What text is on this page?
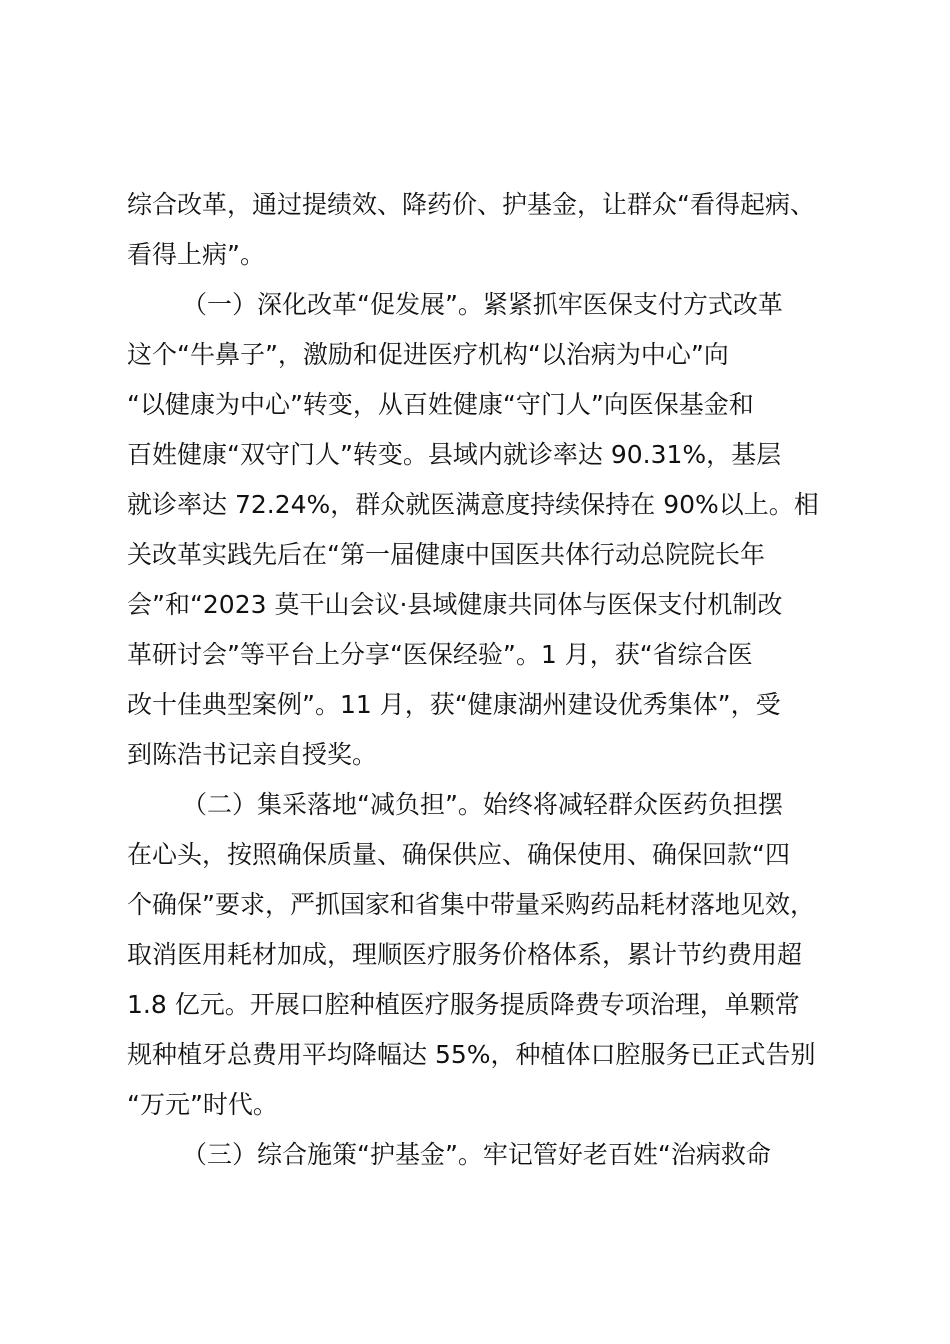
综合改革，通过提绩效、降药价、护基金，让群众“看得起病、
看得上病”。
（一）深化改革“促发展”。紧紧抓牢医保支付方式改革
这个“牛鼻子”，激励和促进医疗机构“以治病为中心”向
“以健康为中心”转变，从百姓健康“守门人”向医保基金和
百姓健康“双守门人”转变。县域内就诊率达 90.31%，基层
就诊率达 72.24%，群众就医满意度持续保持在 90%以上。相
关改革实践先后在“第一届健康中国医共体行动总院院长年
会”和“2023 莫干山会议·县域健康共同体与医保支付机制改
革研讨会”等平台上分享“医保经验”。1 月，获“省综合医
改十佳典型案例”。11 月，获“健康湖州建设优秀集体”，受
到陈浩书记亲自授奖。
（二）集采落地“减负担”。始终将减轻群众医药负担摆
在心头，按照确保质量、确保供应、确保使用、确保回款“四
个确保”要求，严抓国家和省集中带量采购药品耗材落地见效，
取消医用耗材加成，理顺医疗服务价格体系，累计节约费用超
1.8 亿元。开展口腔种植医疗服务提质降费专项治理，单颗常
规种植牙总费用平均降幅达 55%，种植体口腔服务已正式告别
“万元”时代。
（三）综合施策“护基金”。牢记管好老百姓“治病救命
